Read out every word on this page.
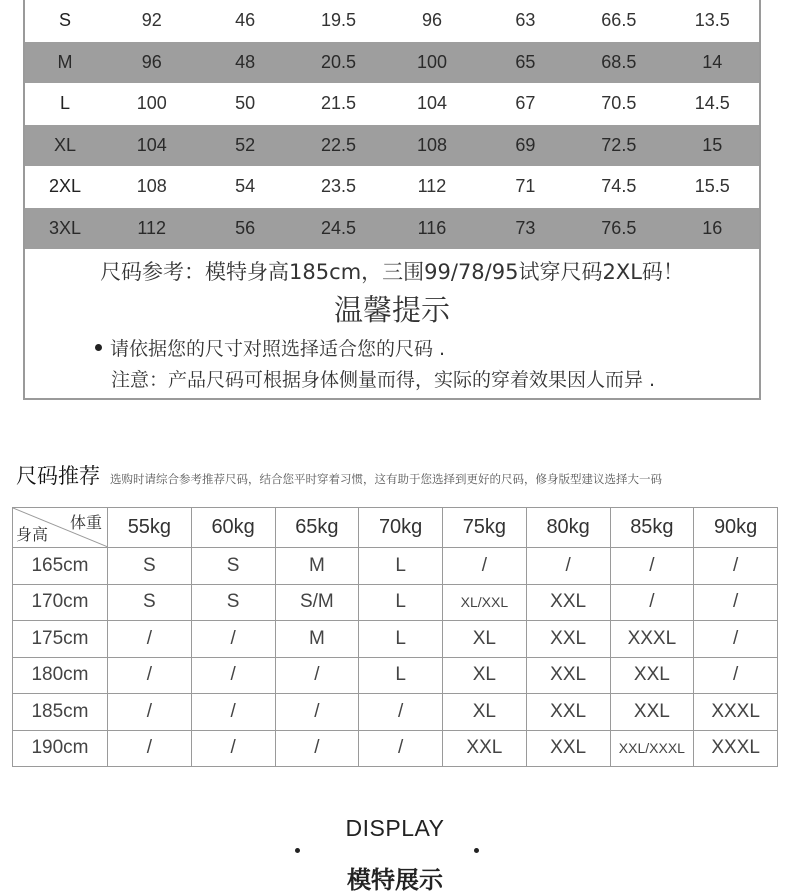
S	92	46	19.5	96	63	66.5	13.5
M	96	48	20.5	100	65	68.5	14
L	100	50	21.5	104	67	70.5	14.5
XL	104	52	22.5	108	69	72.5	15
2XL	108	54	23.5	112	71	74.5	15.5
3XL	112	56	24.5	116	73	76.5	16
尺码参考：模特身高185cm，三围99/78/95试穿尺码2XL码！
温馨提示
请依据您的尺寸对照选择适合您的尺码 .
注意：产品尺码可根据身体侧量而得，实际的穿着效果因人而异 .
尺码推荐 选购时请综合参考推荐尺码，结合您平时穿着习惯，这有助于您选择到更好的尺码，修身版型建议选择大一码
体重
身高	55kg	60kg	65kg	70kg	75kg	80kg	85kg	90kg
165cm	S	S	M	L	/	/	/	/
170cm	S	S	S/M	L	XL/XXL	XXL	/	/
175cm	/	/	M	L	XL	XXL	XXXL	/
180cm	/	/	/	L	XL	XXL	XXL	/
185cm	/	/	/	/	XL	XXL	XXL	XXXL
190cm	/	/	/	/	XXL	XXL	XXL/XXXL	XXXL
DISPLAY
模特展示
